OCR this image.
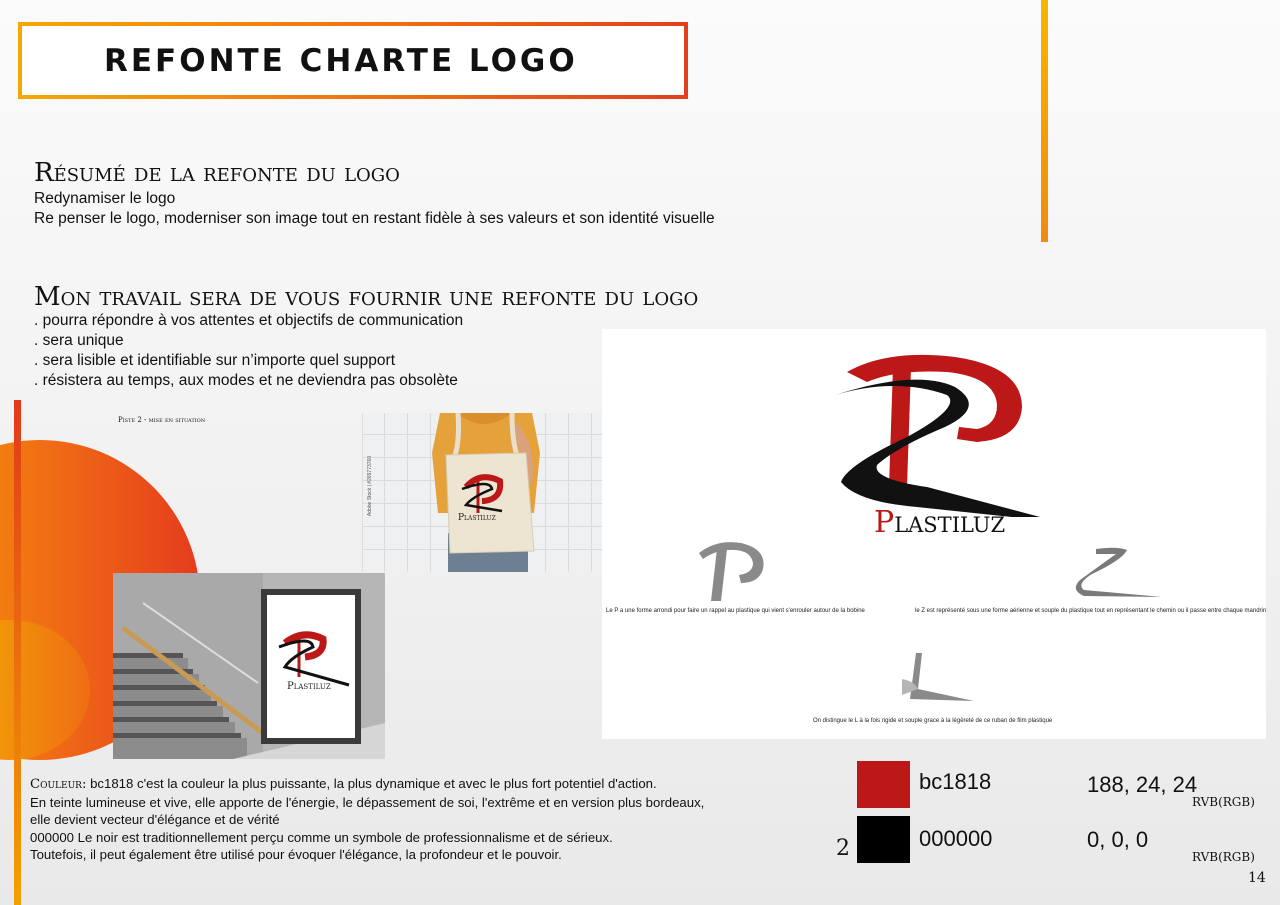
REFONTE CHARTE LOGO
Résumé de la refonte du logo
Redynamiser le logo
Re penser le logo, moderniser son image tout en restant fidèle à ses valeurs et son identité visuelle
Mon travail sera de vous fournir une refonte du logo
. pourra répondre à vos attentes et objectifs de communication
. sera unique
. sera lisible et identifiable sur n’importe quel support
. résistera au temps, aux modes et ne deviendra pas obsolète
Piste 2 - mise en situation
Plastiluz
Adobe Stock | #265773760
Plastiluz
Plastiluz
Le P a une forme arrondi pour faire un rappel au plastique qui vient s'enrouler autour de la bobine	le Z est représenté sous une forme aérienne et souple du plastique tout en représentant le chemin ou il passe entre chaque mandrin
On distingue le L à la fois rigide et souple grace à la légèreté de ce ruban de film plastique
Couleur: bc1818 c'est la couleur la plus puissante, la plus dynamique et avec le plus fort potentiel d'action.
En teinte lumineuse et vive, elle apporte de l'énergie, le dépassement de soi, l'extrême et en version plus bordeaux,
elle devient vecteur d'élégance et de vérité
000000 Le noir est traditionnellement perçu comme un symbole de professionnalisme et de sérieux.
Toutefois, il peut également être utilisé pour évoquer l'élégance, la profondeur et le pouvoir.
bc1818	188, 24, 24
RVB(RGB)
2	000000	0, 0, 0
RVB(RGB)
14
